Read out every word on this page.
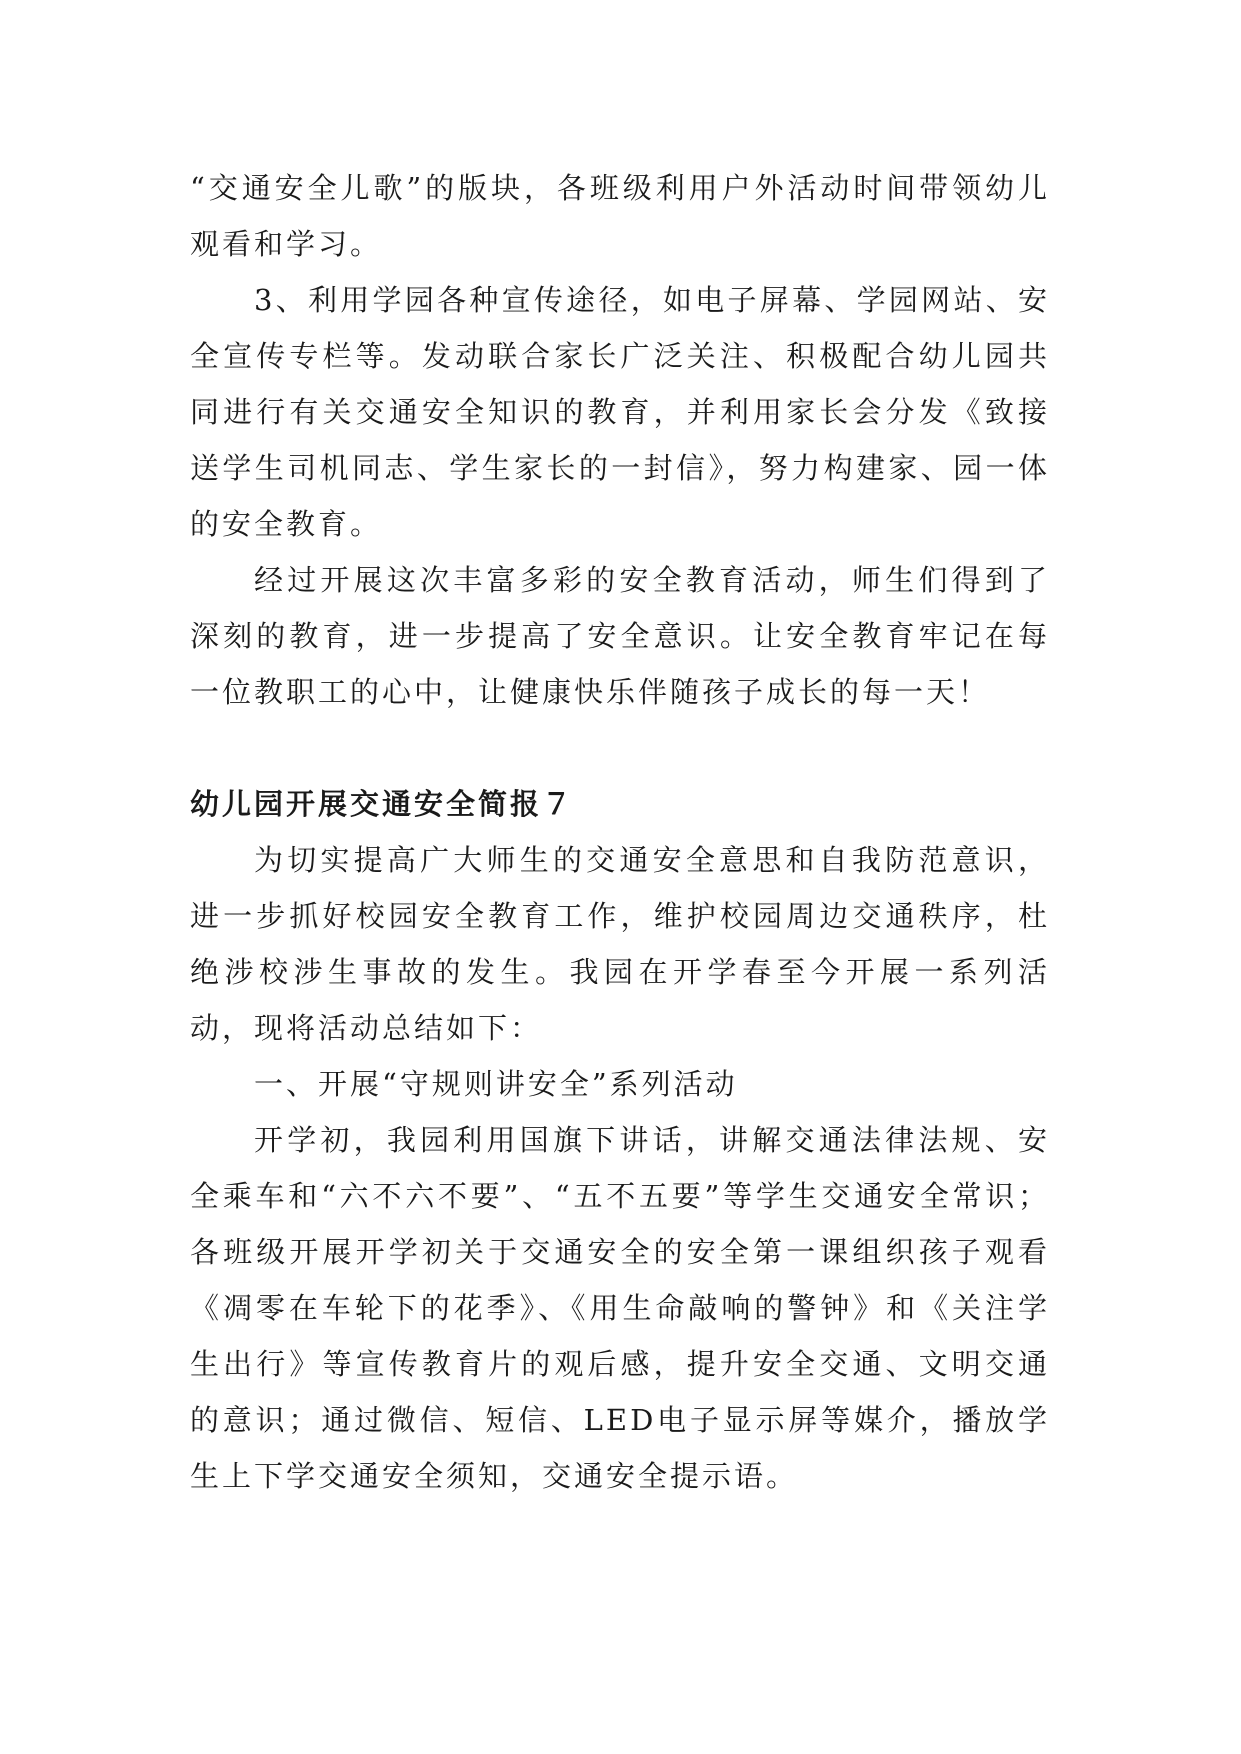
“交通安全儿歌”的版块，各班级利用户外活动时间带领幼儿观看和学习。

3、利用学园各种宣传途径，如电子屏幕、学园网站、安全宣传专栏等。发动联合家长广泛关注、积极配合幼儿园共同进行有关交通安全知识的教育，并利用家长会分发《致接送学生司机同志、学生家长的一封信》，努力构建家、园一体的安全教育。

经过开展这次丰富多彩的安全教育活动，师生们得到了深刻的教育，进一步提高了安全意识。让安全教育牢记在每一位教职工的心中，让健康快乐伴随孩子成长的每一天！

幼儿园开展交通安全简报７

为切实提高广大师生的交通安全意思和自我防范意识，进一步抓好校园安全教育工作，维护校园周边交通秩序，杜绝涉校涉生事故的发生。我园在开学春至今开展一系列活动，现将活动总结如下：

一、开展“守规则讲安全”系列活动

开学初，我园利用国旗下讲话，讲解交通法律法规、安全乘车和“六不六不要”、“五不五要”等学生交通安全常识；各班级开展开学初关于交通安全的安全第一课组织孩子观看《凋零在车轮下的花季》、《用生命敲响的警钟》和《关注学生出行》等宣传教育片的观后感，提升安全交通、文明交通的意识；通过微信、短信、LED电子显示屏等媒介，播放学生上下学交通安全须知，交通安全提示语。
